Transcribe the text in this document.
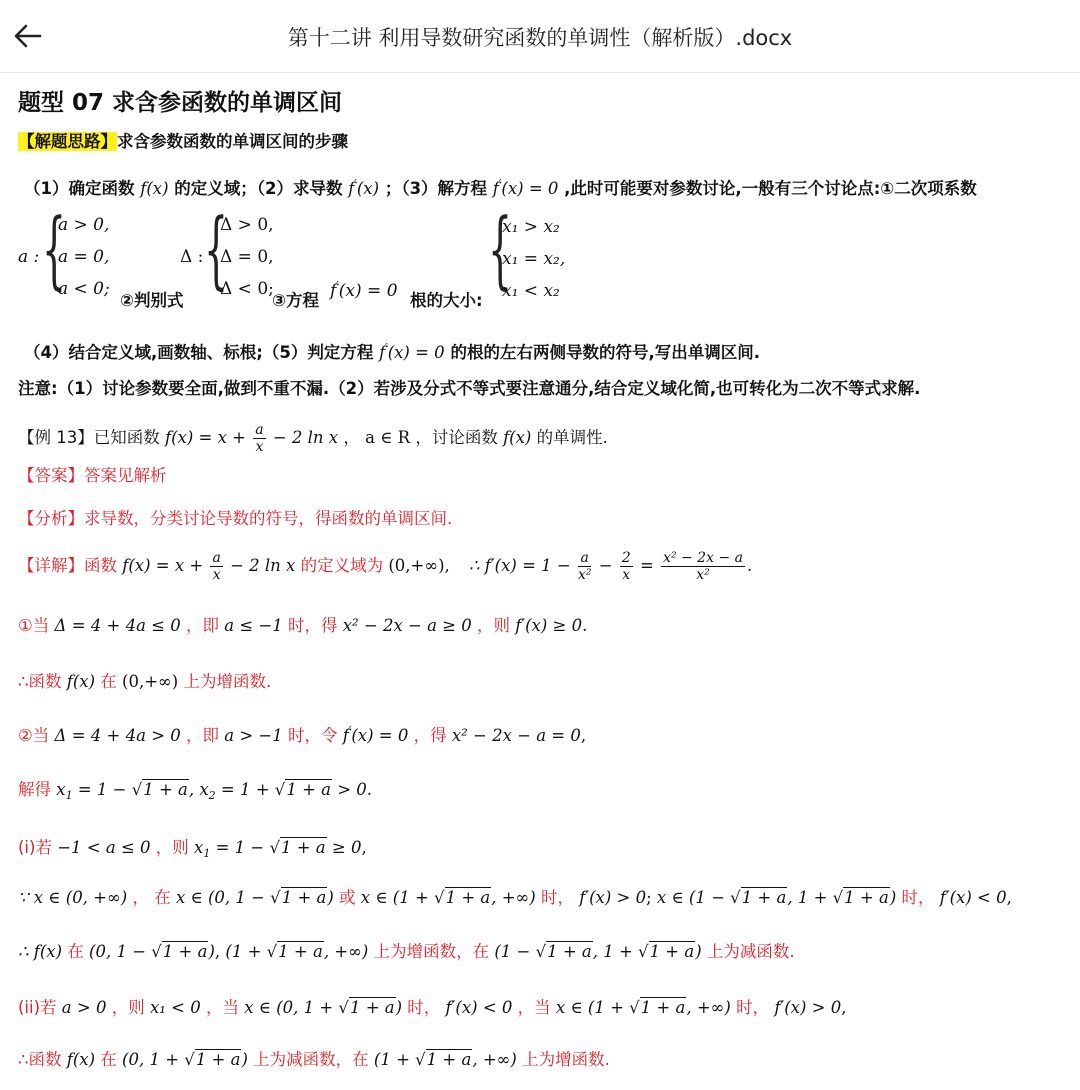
第十二讲 利用导数研究函数的单调性（解析版）.docx
题型 07 求含参函数的单调区间
【解题思路】求含参数函数的单调区间的步骤
（1）确定函数 f(x) 的定义域；（2）求导数 f′(x) ；（3）解方程 f′(x) = 0 ,此时可能要对参数讨论,一般有三个讨论点:①二次项系数
a : {
a > 0,
a = 0,
a < 0;
②判别式
Δ : {
Δ > 0,
Δ = 0,
Δ < 0;
③方程 f′(x) = 0 根的大小:
{
x₁ > x₂
x₁ = x₂,
x₁ < x₂
（4）结合定义域,画数轴、标根;（5）判定方程 f′(x) = 0 的根的左右两侧导数的符号,写出单调区间.
注意:（1）讨论参数要全面,做到不重不漏.（2）若涉及分式不等式要注意通分,结合定义域化简,也可转化为二次不等式求解.
【例 13】已知函数 $f(x) = x + \frac{a}{x} - 2$ ln x ， a ∈ R ，讨论函数 f(x) 的单调性.
【答案】答案见解析
【分析】求导数，分类讨论导数的符号，得函数的单调区间.
【详解】函数 $f(x) = x + \frac{a}{x} - 2$ ln x 的定义域为 (0,+∞), ∴ $f'(x) = 1 - \frac{a}{\text{x²}} - \frac{2}{x} = \frac{\text{x² − 2x − a}}{\text{x²}}$ .
①当 Δ = 4 + 4a ≤ 0 ，即 a ≤ −1 时，得 x² − 2x − a ≥ 0 ，则 f′(x) ≥ 0.
∴函数 f(x) 在 (0,+∞) 上为增函数.
②当 Δ = 4 + 4a > 0 ，即 a > −1 时，令 f′(x) = 0 ，得 x² − 2x − a = 0,
解得 $x_1 = 1 - √1 + a$, $x_2 = 1 + √1 + a > 0$.
(i)若 −1 < a ≤ 0 ，则 $x_1 = 1 - √1 + a \ge 0$,
∵ x ∈ (0, +∞) ， 在 x ∈ (0, 1 − √1 + a) 或 x ∈ (1 + √1 + a, +∞) 时， f′(x) > 0; x ∈ (1 − √1 + a, 1 + √1 + a) 时， f′(x) < 0,
∴ f(x) 在 (0, 1 − √1 + a), (1 + √1 + a, +∞) 上为增函数，在 (1 − √1 + a, 1 + √1 + a) 上为减函数.
(ii)若 a > 0 ，则 x₁ < 0 ，当 x ∈ (0, 1 + √1 + a) 时， f′(x) < 0 ，当 x ∈ (1 + √1 + a, +∞) 时， f′(x) > 0,
∴函数 f(x) 在 (0, 1 + √1 + a) 上为减函数，在 (1 + √1 + a, +∞) 上为增函数.
